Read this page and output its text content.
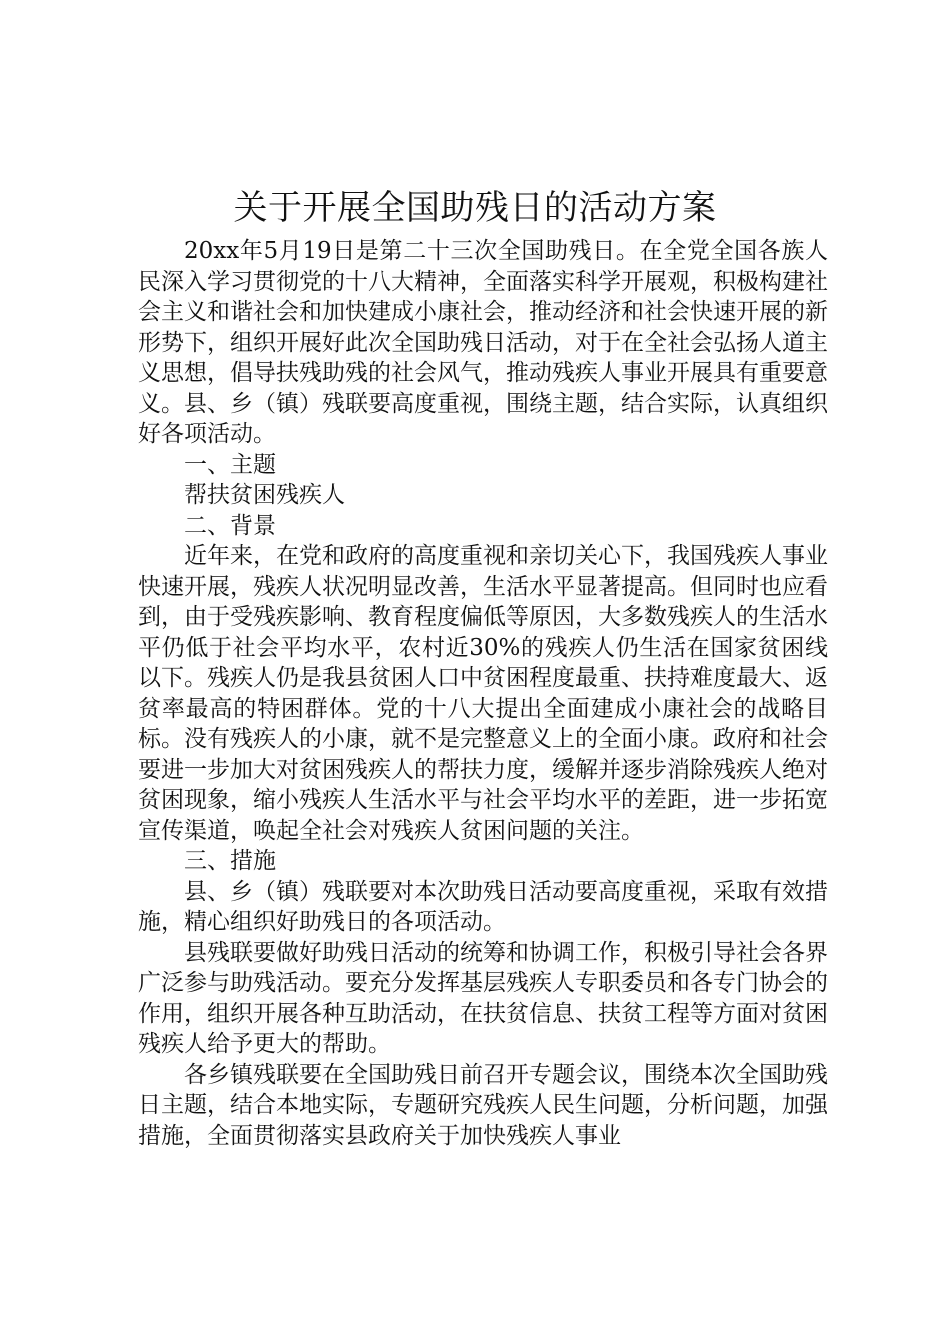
关于开展全国助残日的活动方案

20xx年5月19日是第二十三次全国助残日。在全党全国各族人民深入学习贯彻党的十八大精神，全面落实科学开展观，积极构建社会主义和谐社会和加快建成小康社会，推动经济和社会快速开展的新形势下，组织开展好此次全国助残日活动，对于在全社会弘扬人道主义思想，倡导扶残助残的社会风气，推动残疾人事业开展具有重要意义。县、乡（镇）残联要高度重视，围绕主题，结合实际，认真组织好各项活动。

一、主题

帮扶贫困残疾人

二、背景

近年来，在党和政府的高度重视和亲切关心下，我国残疾人事业快速开展，残疾人状况明显改善，生活水平显著提高。但同时也应看到，由于受残疾影响、教育程度偏低等原因，大多数残疾人的生活水平仍低于社会平均水平，农村近30%的残疾人仍生活在国家贫困线以下。残疾人仍是我县贫困人口中贫困程度最重、扶持难度最大、返贫率最高的特困群体。党的十八大提出全面建成小康社会的战略目标。没有残疾人的小康，就不是完整意义上的全面小康。政府和社会要进一步加大对贫困残疾人的帮扶力度，缓解并逐步消除残疾人绝对贫困现象，缩小残疾人生活水平与社会平均水平的差距，进一步拓宽宣传渠道，唤起全社会对残疾人贫困问题的关注。

三、措施

县、乡（镇）残联要对本次助残日活动要高度重视，采取有效措施，精心组织好助残日的各项活动。

县残联要做好助残日活动的统筹和协调工作，积极引导社会各界广泛参与助残活动。要充分发挥基层残疾人专职委员和各专门协会的作用，组织开展各种互助活动，在扶贫信息、扶贫工程等方面对贫困残疾人给予更大的帮助。

各乡镇残联要在全国助残日前召开专题会议，围绕本次全国助残日主题，结合本地实际，专题研究残疾人民生问题，分析问题，加强措施，全面贯彻落实县政府关于加快残疾人事业
